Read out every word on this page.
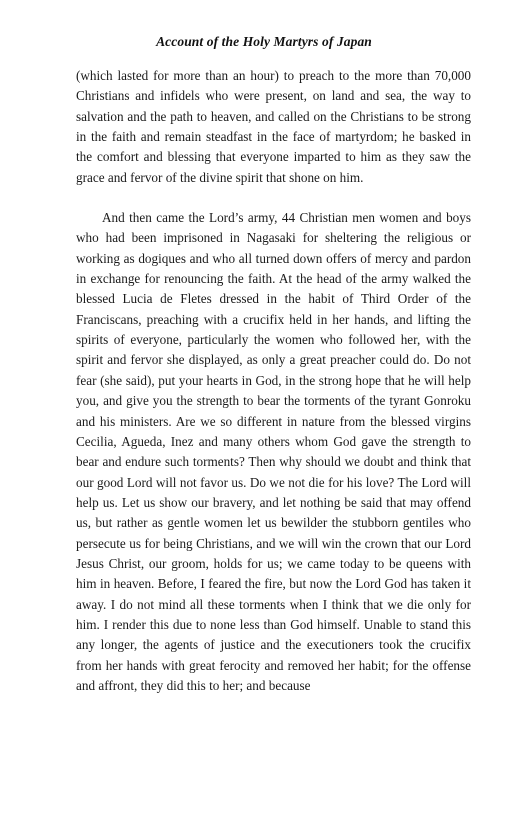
Account of the Holy Martyrs of Japan

(which lasted for more than an hour) to preach to the more than 70,000 Christians and infidels who were present, on land and sea, the way to salvation and the path to heaven, and called on the Christians to be strong in the faith and remain steadfast in the face of martyrdom; he basked in the comfort and blessing that everyone imparted to him as they saw the grace and fervor of the divine spirit that shone on him.

And then came the Lord’s army, 44 Christian men women and boys who had been imprisoned in Nagasaki for sheltering the religious or working as dogiques and who all turned down offers of mercy and pardon in exchange for renouncing the faith. At the head of the army walked the blessed Lucia de Fletes dressed in the habit of Third Order of the Franciscans, preaching with a crucifix held in her hands, and lifting the spirits of everyone, particularly the women who followed her, with the spirit and fervor she displayed, as only a great preacher could do. Do not fear (she said), put your hearts in God, in the strong hope that he will help you, and give you the strength to bear the torments of the tyrant Gonroku and his ministers. Are we so different in nature from the blessed virgins Cecilia, Agueda, Inez and many others whom God gave the strength to bear and endure such torments? Then why should we doubt and think that our good Lord will not favor us. Do we not die for his love? The Lord will help us. Let us show our bravery, and let nothing be said that may offend us, but rather as gentle women let us bewilder the stubborn gentiles who persecute us for being Christians, and we will win the crown that our Lord Jesus Christ, our groom, holds for us; we came today to be queens with him in heaven. Before, I feared the fire, but now the Lord God has taken it away. I do not mind all these torments when I think that we die only for him. I render this due to none less than God himself. Unable to stand this any longer, the agents of justice and the executioners took the crucifix from her hands with great ferocity and removed her habit; for the offense and affront, they did this to her; and because
